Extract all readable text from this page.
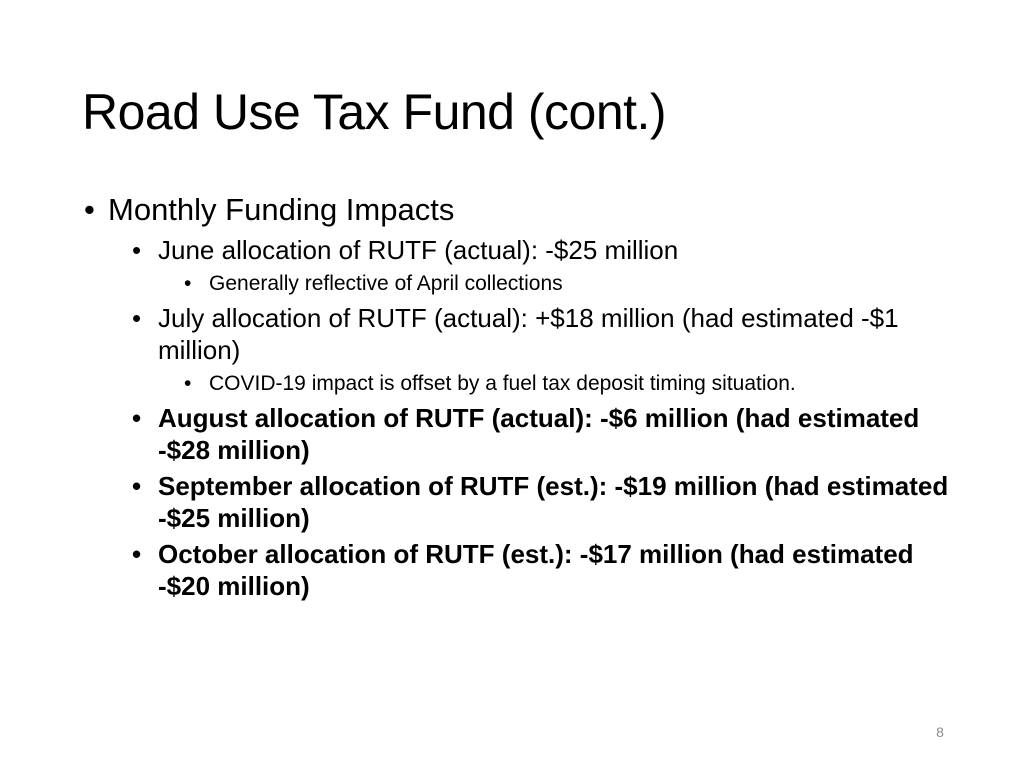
Road Use Tax Fund (cont.)
• Monthly Funding Impacts
• June allocation of RUTF (actual): -$25 million
• Generally reflective of April collections
• July allocation of RUTF (actual): +$18 million (had estimated -$1 million)
• COVID-19 impact is offset by a fuel tax deposit timing situation.
• August allocation of RUTF (actual): -$6 million (had estimated -$28 million)
• September allocation of RUTF (est.): -$19 million (had estimated -$25 million)
• October allocation of RUTF (est.): -$17 million (had estimated -$20 million)
8
